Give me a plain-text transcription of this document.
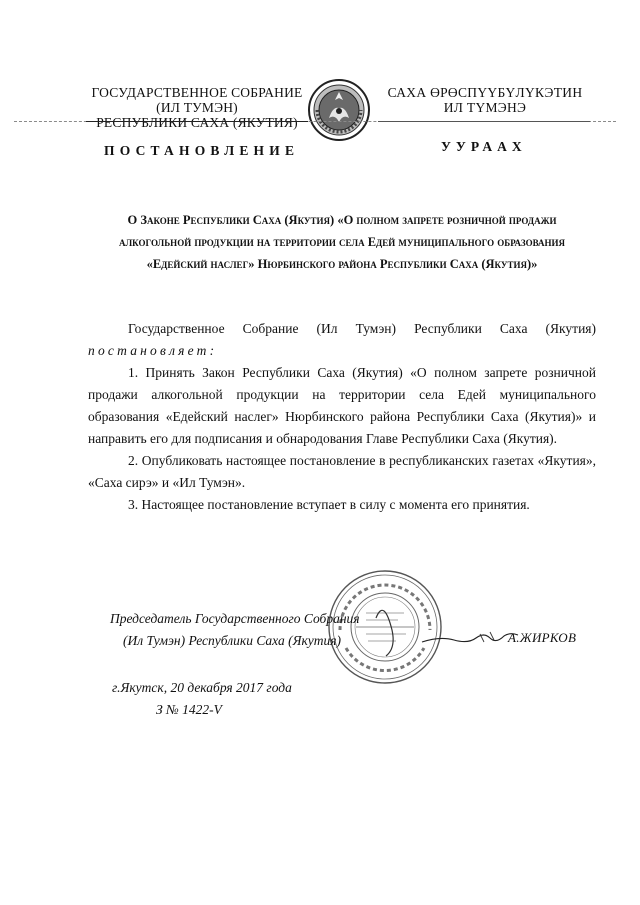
ГОСУДАРСТВЕННОЕ СОБРАНИЕ
(ИЛ ТУМЭН)
РЕСПУБЛИКИ САХА (ЯКУТИЯ)
САХА ӨРӨСПҮҮБҮЛҮКЭТИН
ИЛ ТҮМЭНЭ
ПОСТАНОВЛЕНИЕ	УУРААХ
О Законе Республики Саха (Якутия) «О полном запрете розничной продажи
алкогольной продукции на территории села Едей муниципального образования
«Едейский наслег» Нюрбинского района Республики Саха (Якутия)»

Государственное Собрание (Ил Тумэн) Республики Саха (Якутия)

постановляет:

1. Принять Закон Республики Саха (Якутия) «О полном запрете розничной продажи алкогольной продукции на территории села Едей муниципального образования «Едейский наслег» Нюрбинского района Республики Саха (Якутия)» и направить его для подписания и обнародования Главе Республики Саха (Якутия).

2. Опубликовать настоящее постановление в республиканских газетах «Якутия», «Саха сирэ» и «Ил Тумэн».

3. Настоящее постановление вступает в силу с момента его принятия.

Председатель Государственного Собрания
(Ил Тумэн) Республики Саха (Якутия)	А.ЖИРКОВ
г.Якутск, 20 декабря 2017 года
З № 1422-V
